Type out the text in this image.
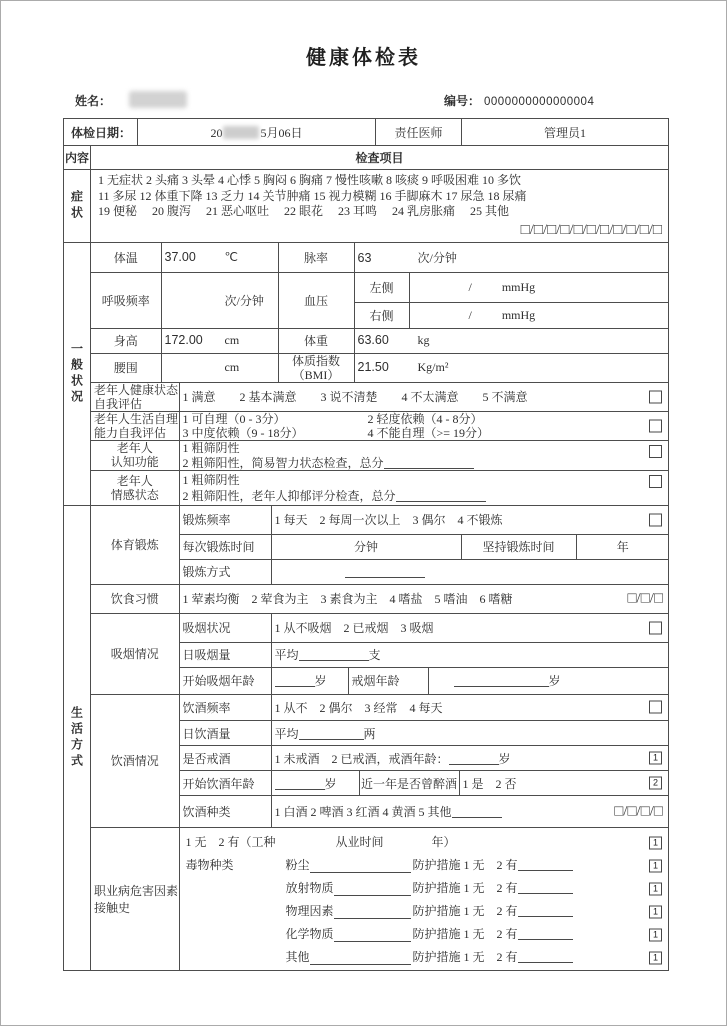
健康体检表
姓名：	编号： 0000000000000004
体检日期：	20	5月06日	责任医师	管理员1
内容	检查项目
症状	
1 无症状 2 头痛 3 头晕 4 心悸 5 胸闷 6 胸痛 7 慢性咳嗽 8 咳痰 9 呼吸困难 10 多饮
11 多尿 12 体重下降 13 乏力 14 关节肿痛 15 视力模糊 16 手脚麻木 17 尿急 18 尿痛
19 便秘　 20 腹泻　 21 恶心呕吐　 22 眼花　 23 耳鸣　 24 乳房胀痛　 25 其他
□/□/□/□/□/□/□/□/□/□/□

一般状况	
体温	37.00 ℃	脉率	63	次/分钟
呼吸频率	次/分钟	血压	左侧	/	mmHg
右侧	/	mmHg
身高	172.00 cm	体重	63.60 kg
腰围	cm	体质指数（BMI）	21.50 Kg/m²
老年人健康状态自我评估	1 满意　　2 基本满意　　3 说不清楚　　4 不太满意　　5 不满意

老年人生活自理能力自我评估	1 可自理（0 - 3分）	2 轻度依赖（4 - 8分）
3 中度依赖（9 - 18分）	4 不能自理（>= 19分）

老年人
认知功能	1 粗筛阴性
2 粗筛阳性，简易智力状态检查，总分

老年人
情感状态	1 粗筛阴性
2 粗筛阳性，老年人抑郁评分检查，总分

生活方式	
体育锻炼	锻炼频率	1 每天　2 每周一次以上　3 偶尔　4 不锻炼

每次锻炼时间	分钟	坚持锻炼时间	年
锻炼方式	
饮食习惯	1 荤素均衡　2 荤食为主　3 素食为主　4 嗜盐　5 嗜油　6 嗜糖	□/□/□
吸烟情况	吸烟状况	1 从不吸烟　2 已戒烟　3 吸烟

日吸烟量	平均	支
开始吸烟年龄	岁	戒烟年龄	岁
饮酒情况	饮酒频率	1 从不　2 偶尔　3 经常　4 每天

日饮酒量	平均	两
是否戒酒	1 未戒酒　2 已戒酒，戒酒年龄：	岁	1

开始饮酒年龄	岁	近一年是否曾醉酒	1 是　2 否	2

饮酒种类	1 白酒 2 啤酒 3 红酒 4 黄酒 5 其他	□/□/□/□
职业病危害因素接触史	
1 无　2 有（工种　　　　　从业时间　　　　年）	1
毒物种类	粉尘	防护措施 1 无　2 有	1
放射物质	防护措施 1 无　2 有	1
物理因素	防护措施 1 无　2 有	1
化学物质	防护措施 1 无　2 有	1
其他	防护措施 1 无　2 有	1
